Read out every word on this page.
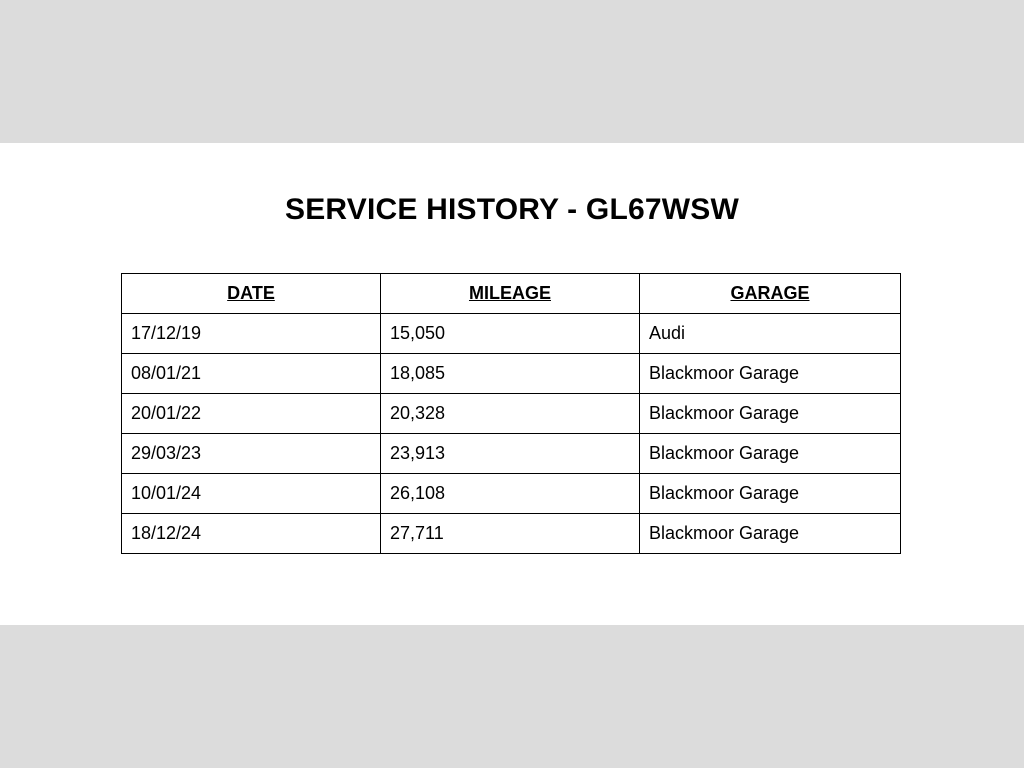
SERVICE HISTORY - GL67WSW
DATE	MILEAGE	GARAGE
17/12/19	15,050	Audi
08/01/21	18,085	Blackmoor Garage
20/01/22	20,328	Blackmoor Garage
29/03/23	23,913	Blackmoor Garage
10/01/24	26,108	Blackmoor Garage
18/12/24	27,711	Blackmoor Garage
